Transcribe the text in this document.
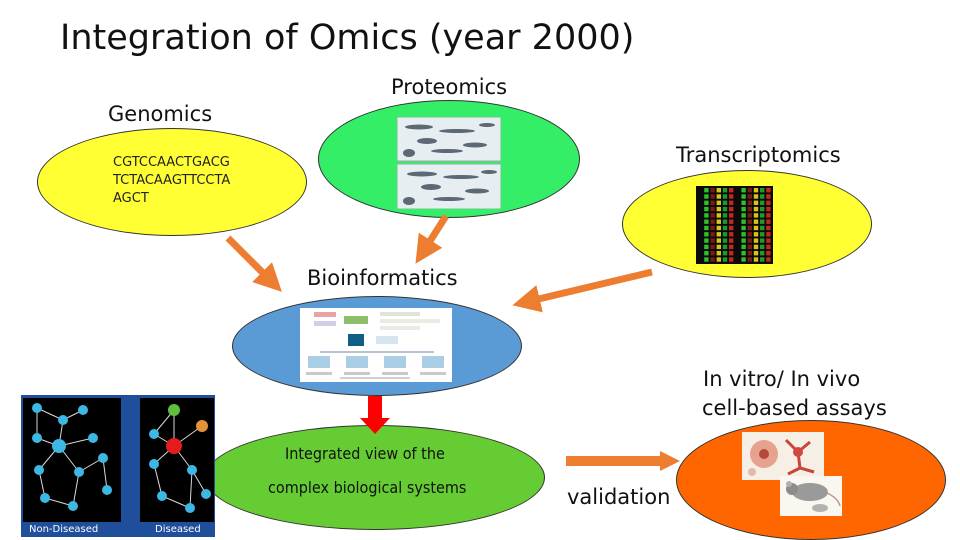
Integration of Omics (year 2000)
Genomics
Proteomics
Transcriptomics
Bioinformatics
In vitro/ In vivo
cell-based assays
validation
CGTCCAACTGACG
TCTACAAGTTCCTA
AGCT
Integrated view of the
complex biological systems
Non-Diseased	Diseased
